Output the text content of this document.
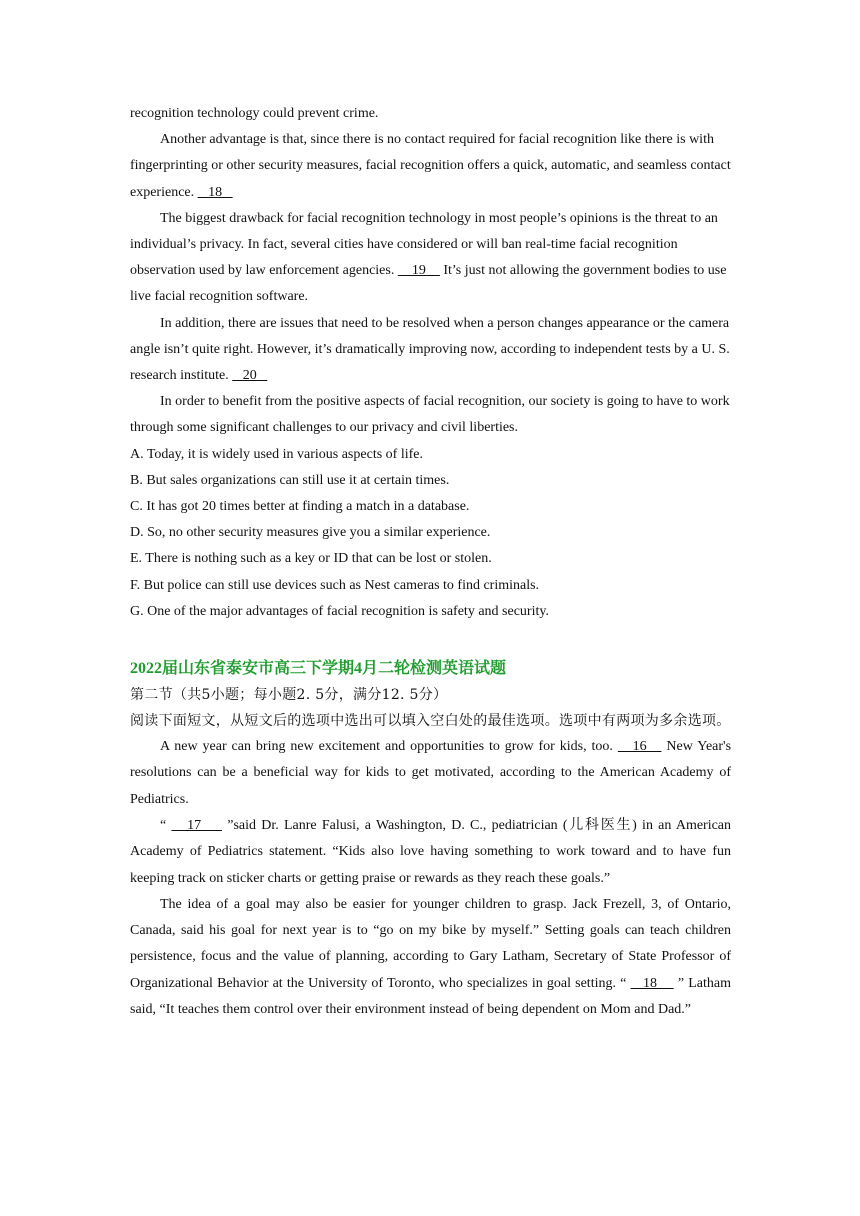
recognition technology could prevent crime.

Another advantage is that, since there is no contact required for facial recognition like there is with fingerprinting or other security measures, facial recognition offers a quick, automatic, and seamless contact experience.    18

The biggest drawback for facial recognition technology in most people’s opinions is the threat to an individual’s privacy. In fact, several cities have considered or will ban real-time facial recognition observation used by law enforcement agencies.     19     It’s just not allowing the government bodies to use live facial recognition software.

In addition, there are issues that need to be resolved when a person changes appearance or the camera angle isn’t quite right. However, it’s dramatically improving now, according to independent tests by a U. S. research institute.    20

In order to benefit from the positive aspects of facial recognition, our society is going to have to work through some significant challenges to our privacy and civil liberties.

A. Today, it is widely used in various aspects of life.

B. But sales organizations can still use it at certain times.

C. It has got 20 times better at finding a match in a database.

D. So, no other security measures give you a similar experience.

E. There is nothing such as a key or ID that can be lost or stolen.

F. But police can still use devices such as Nest cameras to find criminals.

G. One of the major advantages of facial recognition is safety and security.

2022届山东省泰安市高三下学期4月二轮检测英语试题

第二节（共5小题；每小题2. 5分，满分12. 5分）

阅读下面短文，从短文后的选项中选出可以填入空白处的最佳选项。选项中有两项为多余选项。

A new year can bring new excitement and opportunities to grow for kids, too.    16    New Year's resolutions can be a beneficial way for kids to get motivated, according to the American Academy of Pediatrics.

“    17     ”said Dr. Lanre Falusi, a Washington, D. C., pediatrician (儿科医生) in an American Academy of Pediatrics statement. “Kids also love having something to work toward and to have fun keeping track on sticker charts or getting praise or rewards as they reach these goals.”

The idea of a goal may also be easier for younger children to grasp. Jack Frezell, 3, of Ontario, Canada, said his goal for next year is to “go on my bike by myself.” Setting goals can teach children persistence, focus and the value of planning, according to Gary Latham, Secretary of State Professor of Organizational Behavior at the University of Toronto, who specializes in goal setting. “    18     ” Latham said, “It teaches them control over their environment instead of being dependent on Mom and Dad.”
